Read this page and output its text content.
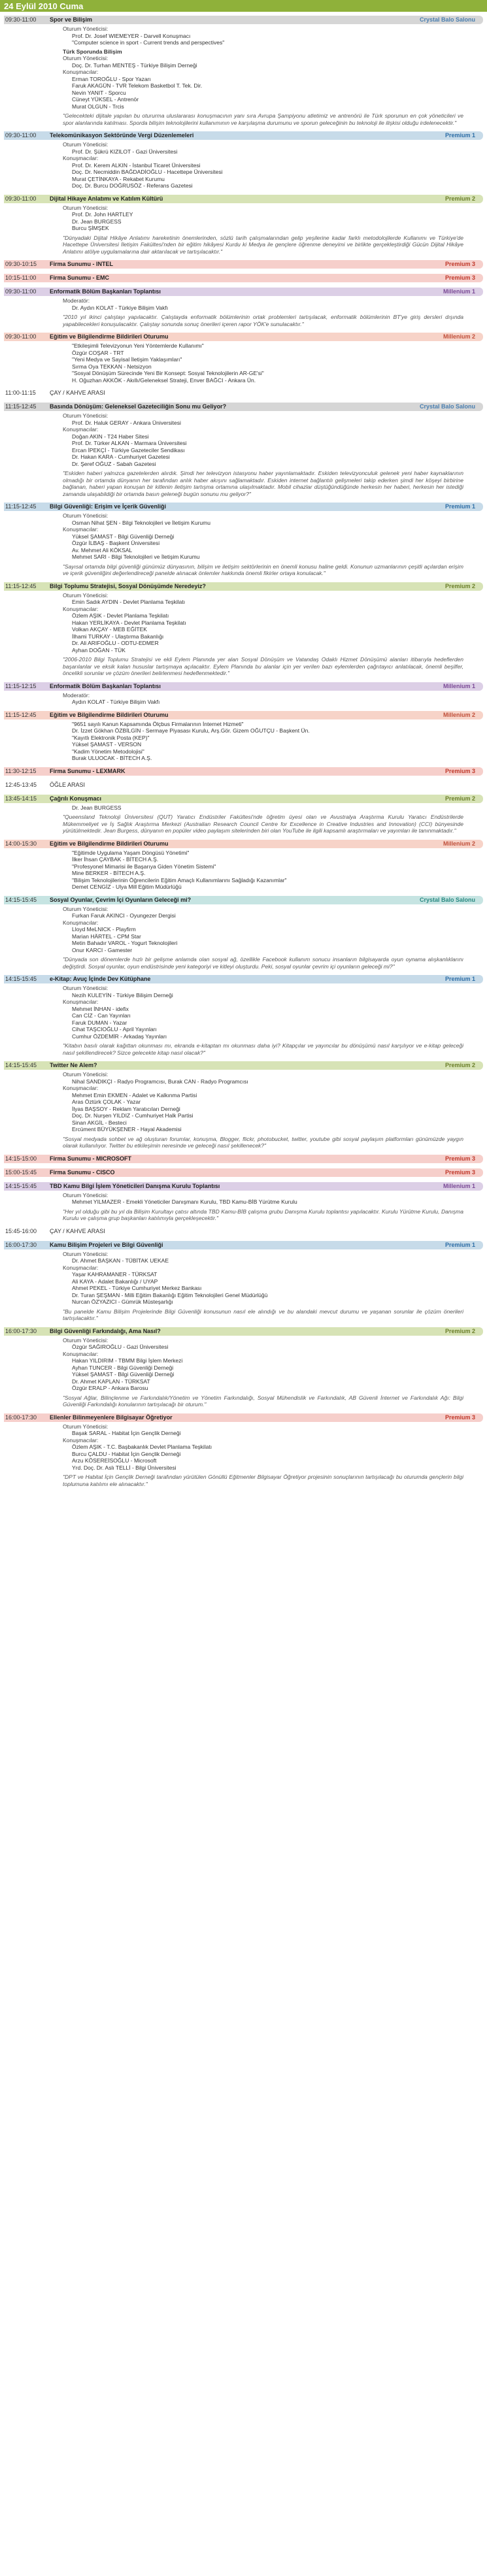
24 Eylül 2010 Cuma
09:30-11:00	Spor ve Bilişim	Crystal Balo Salonu
Oturum Yöneticisi:
Prof. Dr. Josef WIEMEYER - Darvell Konuşmacı
"Computer science in sport - Current trends and perspectives"
Türk Sporunda Bilişim
Oturum Yöneticisi:
Doç. Dr. Turhan MENTEŞ - Türkiye Bilişim Derneği
Konuşmacılar:
Erman TOROĞLU - Spor Yazarı
Faruk AKAGÜN - TVR Telekom Basketbol T. Tek. Dir.
Nevin YANIT - Sporcu
Cüneyt YÜKSEL - Antrenör
Murat OLGUN - Trcis
"Gelecekteki dijitale yapılan bu otururma uluslararası konuşmacının yanı sıra Avrupa Şampiyonu atletimiz ve antrenörü ile Türk sporunun en çok yöneticileri ve spor alanlarında katılması. Sporda bilişim teknolojilerini kullanımının ve karşılaşma durumunu ve sporun geleceğinin bu teknoloji ile ilişkisi olduğu irdelenecektir."
09:30-11:00	Telekomünikasyon Sektöründe Vergi Düzenlemeleri	Premium 1
Oturum Yöneticisi:
Prof. Dr. Şükrü KIZILOT - Gazi Üniversitesi
Konuşmacılar:
Prof. Dr. Kerem ALKIN - İstanbul Ticaret Üniversitesi
Doç. Dr. Necmiddin BAĞDADİOĞLU - Hacettepe Üniversitesi
Murat ÇETİNKAYA - Rekabet Kurumu
Doç. Dr. Burcu DOĞRUSÖZ - Referans Gazetesi
09:30-11:00	Dijital Hikaye Anlatımı ve Katılım Kültürü	Premium 2
Oturum Yöneticisi:
Prof. Dr. John HARTLEY
Dr. Jean BURGESS
Burcu ŞİMŞEK
"Dünyadaki Dijital Hikâye Anlatımı hareketinin önemlerinden, sözlü tarih çalışmalarından gelip yeşilerine kadar farklı metodolojilerde Kullanımı ve Türkiye'de Hacettepe Üniversitesi İletişim Fakültesi'nden bir eğitim hikâyesi Kurdu ki Medya ile gençlere öğrenme deneyimi ve birlikte gerçekleştirdiği Gücün Dijital Hikâye Anlatımı atölye uygulamalarına dair aktarılacak ve tartışılacaktır."
09:30-10:15	Firma Sunumu - INTEL	Premium 3
10:15-11:00	Firma Sunumu - EMC	Premium 3
09:30-11:00	Enformatik Bölüm Başkanları Toplantısı	Millenium 1
Moderatör:
Dr. Aydın KOLAT - Türkiye Bilişim Vakfı
"2010 yıl ikinci çalıştayı yapılacaktır. Çalıştayda enformatik bölümlerinin ortak problemleri tartışılacak, enformatik bölümlerinin BT'ye giriş dersleri dışında yapabilecekleri konuşulacaktır. Çalıştay sonunda sonuç önerileri içeren rapor YÖK'e sunulacaktır."
09:30-11:00	Eğitim ve Bilgilendirme Bildirileri Oturumu	Millenium 2
"Etkileşimli Televizyonun Yeni Yöntemlerde Kullanımı"
Özgür COŞAR - TRT
"Yeni Medya ve Sayisal İletişim Yaklaşımları"
Sırma Oya TEKKAN - Netsizyon
"Sosyal Dönüşüm Sürecinde Yeni Bir Konsept: Sosyal Teknolojilerin AR-GE'si"
H. Oğuzhan AKKÖK - Akıllı/Geleneksel Strateji, Enver BAĞCI - Ankara Ün.
11:00-11:15	ÇAY / KAHVE ARASI
11:15-12:45	Basında Dönüşüm: Geleneksel Gazeteciliğin Sonu mu Geliyor?	Crystal Balo Salonu
Oturum Yöneticisi:
Prof. Dr. Haluk GERAY - Ankara Üniversitesi
Konuşmacılar:
Doğan AKIN - T24 Haber Sitesi
Prof. Dr. Türker ALKAN - Marmara Üniversitesi
Ercan İPEKÇİ - Türkiye Gazeteciler Sendikası
Dr. Hakan KARA - Cumhuriyet Gazetesi
Dr. Şeref OĞUZ - Sabah Gazetesi
"Eskiden haberi yalnızca gazetelerden alırdık. Şimdi her televizyon istasyonu haber yayınlamaktadır. Eskiden televizyonculuk gelenek yeni haber kaynaklarının olmadığı bir ortamda dünyanın her tarafından anlık haber akışını sağlamaktadır. Eskiden internet bağlantılı gelişmeleri takip ederken şimdi her köşeyi birbirine bağlanan, haberi yapan konuşan bir kitlenin iletişim tartışma ortamına ulaşılmaktadır. Mobil cihazlar düştüğündüğünde herkesin her haberi, herkesin her istediği zamanda ulaşabildiği bir ortamda basın geleneği bugün sonunu mu geliyor?"
11:15-12:45	Bilgi Güvenliği: Erişim ve İçerik Güvenliği	Premium 1
Oturum Yöneticisi:
Osman Nihat ŞEN - Bilgi Teknolojileri ve İletişim Kurumu
Konuşmacılar:
Yüksel ŞAMAST - Bilgi Güvenliği Derneği
Özgür İLBAŞ - Başkent Üniversitesi
Av. Mehmet Ali KÖKSAL
Mehmet SARI - Bilgi Teknolojileri ve İletişim Kurumu
"Sayısal ortamda bilgi güvenliği günümüz dünyasının, bilişim ve iletişim sektörlerinin en önemli konusu haline geldi. Konunun uzmanlarının çeşitli açılardan erişim ve içerik güvenliğini değerlendireceği panelde alınacak önlemler hakkında önemli fikirler ortaya konulacak."
11:15-12:45	Bilgi Toplumu Stratejisi, Sosyal Dönüşümde Neredeyiz?	Premium 2
Oturum Yöneticisi:
Emin Sadık AYDIN - Devlet Planlama Teşkilatı
Konuşmacılar:
Özlem AŞIK - Devlet Planlama Teşkilatı
Hakan YERLİKAYA - Devlet Planlama Teşkilatı
Volkan AKÇAY - MEB EĞİTEK
İlhami TURKAY - Ulaştırma Bakanlığı
Dr. Ali ARIFOĞLU - ODTU-EDMER
Ayhan DOĞAN - TÜK
"2006-2010 Bilgi Toplumu Stratejisi ve ekli Eylem Planında yer alan Sosyal Dönüşüm ve Vatandaş Odaklı Hizmet Dönüşümü alanları itibarıyla hedeflerden başarılanlar ve eksik kalan hususlar tartışmaya açılacaktır. Eylem Planında bu alanlar için yer verilen bazı eylemlerden çağrıtayıcı anlatılacak, önemli beşilfer, öncelikli sorunlar ve çözüm önerileri belirlenmesi hedeflenmektedir."
11:15-12:15	Enformatik Bölüm Başkanları Toplantısı	Millenium 1
Moderatör:
Aydın KOLAT - Türkiye Bilişim Vakfı
11:15-12:45	Eğitim ve Bilgilendirme Bildirileri Oturumu	Millenium 2
"9651 sayılı Kanun Kapsamında Ölçbus Firmalarının İnternet Hizmeti"
Dr. İzzet Gökhan ÖZBİLGİN - Sermaye Piyasası Kurulu, Arş.Gör. Gizem OĞUTÇU - Başkent Ün.
"Kayıtlı Elektronik Posta (KEP)"
Yüksel ŞAMAST - VERSON
"Kadim Yönetim Metodolojisi"
Burak ULUOCAK - BİTECH A.Ş.
11:30-12:15	Firma Sunumu - LEXMARK	Premium 3
12:45-13:45	ÖĞLE ARASI
13:45-14:15	Çağrılı Konuşmacı	Premium 2
Dr. Jean BURGESS
"Queensland Teknoloji Üniversitesi (QUT) Yaratıcı Endüstriler Fakültesi'nde öğretim üyesi olan ve Avustralya Araştırma Kurulu Yaratıcı Endüstrilerde Mükemmeliyet ve İş Sağlık Araştırma Merkezi (Australian Research Council Centre for Excellence in Creative Industries and Innovation) (CCI) bünyesinde yürütülmektedir. Jean Burgess, dünyanın en popüler video paylaşım sitelerinden biri olan YouTube ile ilgili kapsamlı araştırmaları ve yayımları ile tanınmaktadır."
14:00-15:30	Eğitim ve Bilgilendirme Bildirileri Oturumu	Millenium 2
"Eğitimde Uygulama Yaşam Döngüsü Yönetimi"
İlker İhsan ÇAYBAK - BİTECH A.Ş.
"Profesyonel Mimarisi ile Başarıya Giden Yönetim Sistemi"
Mine BERKER - BİTECH A.Ş.
"Bilişim Teknolojilerinin Öğrencilerin Eğitim Amaçlı Kullanımlarını Sağladığı Kazanımlar"
Demet CENGİZ - Ulya Mill Eğitim Müdürlüğü
14:15-15:45	Sosyal Oyunlar, Çevrim İçi Oyunların Geleceği mi?	Crystal Balo Salonu
Oturum Yöneticisi:
Furkan Faruk AKINCI - Oyungezer Dergisi
Konuşmacılar:
Lloyd MeLNICK - Playfirm
Marian HÄRTEL - CPM Star
Metin Bahadır VAROL - Yogurt Teknolojileri
Onur KARCI - Gamester
"Dünyada son dönemlerde hızlı bir gelişme anlamda olan sosyal ağ, özellikle Facebook kullanım sonucu insanların bilgisayarda oyun oynama alışkanlıklarını değiştirdi. Sosyal oyunlar, oyun endüstrisinde yeni kategoriyi ve kitleyi oluşturdu. Peki, sosyal oyunlar çevrim içi oyunların geleceği mi?"
14:15-15:45	e-Kitap: Avuç İçinde Dev Kütüphane	Premium 1
Oturum Yöneticisi:
Nezih KULEYİN - Türkiye Bilişim Derneği
Konuşmacılar:
Mehmet İNHAN - idefix
Can CİZ - Can Yayınları
Faruk DUMAN - Yazar
Cihat TAŞCIOĞLU - April Yayınları
Cumhur ÖZDEMİR - Arkadaş Yayınları
"Kitabın basılı olarak kağıttan okunması mı, ekranda e-kitaptan mı okunması daha iyi? Kitapçılar ve yayıncılar bu dönüşümü nasıl karşılıyor ve e-kitap geleceği nasıl şekillendirecek? Sizce gelecekte kitap nasıl olacak?"
14:15-15:45	Twitter Ne Alem?	Premium 2
Oturum Yöneticisi:
Nihal SANDIKÇI - Radyo Programcısı, Burak CAN - Radyo Programcısı
Konuşmacılar:
Mehmet Emin EKMEN - Adalet ve Kalkınma Partisi
Aras Öztürk ÇOLAK - Yazar
İlyas BAŞSOY - Reklam Yaratıcıları Derneği
Doç. Dr. Nurşen YILDIZ - Cumhuriyet Halk Partisi
Sinan AKGİL - Besteci
Ercüment BÜYÜKŞENER - Hayal Akademisi
"Sosyal medyada sohbet ve ağ oluşturan forumlar, konuşma, Blogger, flickr, photobucket, twitter, youtube gibi sosyal paylaşım platformları günümüzde yaygın olarak kullanılıyor. Twitter bu etkileşimin neresinde ve geleceği nasıl şekillenecek?"
14:15-15:00	Firma Sunumu - MICROSOFT	Premium 3
15:00-15:45	Firma Sunumu - CISCO	Premium 3
14:15-15:45	TBD Kamu Bilgi İşlem Yöneticileri Danışma Kurulu Toplantısı	Millenium 1
Oturum Yöneticisi:
Mehmet YILMAZER - Emekli Yöneticiler Danışmanı Kurulu, TBD Kamu-BİB Yürütme Kurulu
"Her yıl olduğu gibi bu yıl da Bilişim Kurultayı çatısı altında TBD Kamu-BİB çalışma grubu Danışma Kurulu toplantısı yapılacaktır. Kurulu Yürütme Kurulu, Danışma Kurulu ve çalışma grup başkanları katılımıyla gerçekleşecektir."
15:45-16:00	ÇAY / KAHVE ARASI
16:00-17:30	Kamu Bilişim Projeleri ve Bilgi Güvenliği	Premium 1
Oturum Yöneticisi:
Dr. Ahmet BAŞKAN - TÜBİTAK UEKAE
Konuşmacılar:
Yaşar KAHRAMANER - TÜRKSAT
Ali KAYA - Adalet Bakanlığı / UYAP
Ahmet PEKEL - Türkiye Cumhuriyet Merkez Bankası
Dr. Turan ŞEŞMAN - Milli Eğitim Bakanlığı Eğitim Teknolojileri Genel Müdürlüğü
Nurcan ÖZYAZICI - Gümrük Müsteşarlığı
"Bu panelde Kamu Bilişim Projelerinde Bilgi Güvenliği konusunun nasıl ele alındığı ve bu alandaki mevcut durumu ve yaşanan sorunlar ile çözüm önerileri tartışılacaktır."
16:00-17:30	Bilgi Güvenliği Farkındalığı, Ama Nasıl?	Premium 2
Oturum Yöneticisi:
Özgür SAĞIROĞLU - Gazi Üniversitesi
Konuşmacılar:
Hakan YILDIRIM - TBMM Bilgi İşlem Merkezi
Ayhan TUNCER - Bilgi Güvenliği Derneği
Yüksel ŞAMAST - Bilgi Güvenliği Derneği
Dr. Ahmet KAPLAN - TÜRKSAT
Özgür ERALP - Ankara Barosu
"Sosyal Ağlar, Bilinçlenme ve Farkındalık/Yönetim ve Yönetim Farkındalığı, Sosyal Mühendislik ve Farkındalık, AB Güvenli İnternet ve Farkındalık Ağı: Bilgi Güvenliği Farkındalığı konularının tartışılacağı bir oturum."
16:00-17:30	Ellenler Bilinmeyenlere Bilgisayar Öğretiyor	Premium 3
Oturum Yöneticisi:
Başak SARAL - Habitat İçin Gençlik Derneği
Konuşmacılar:
Özlem AŞIK - T.C. Başbakanlık Devlet Planlama Teşkilatı
Burcu ÇALDU - Habitat İçin Gençlik Derneği
Arzu KÖSEREİSOĞLU - Microsoft
Yrd. Doç. Dr. Aslı TELLİ - Bilgi Üniversitesi
"DPT ve Habitat İçin Gençlik Derneği tarafından yürütülen Gönüllü Eğitmenler Bilgisayar Öğretiyor projesinin sonuçlarının tartışılacağı bu oturumda gençlerin bilgi toplumuna katılımı ele alınacaktır."
